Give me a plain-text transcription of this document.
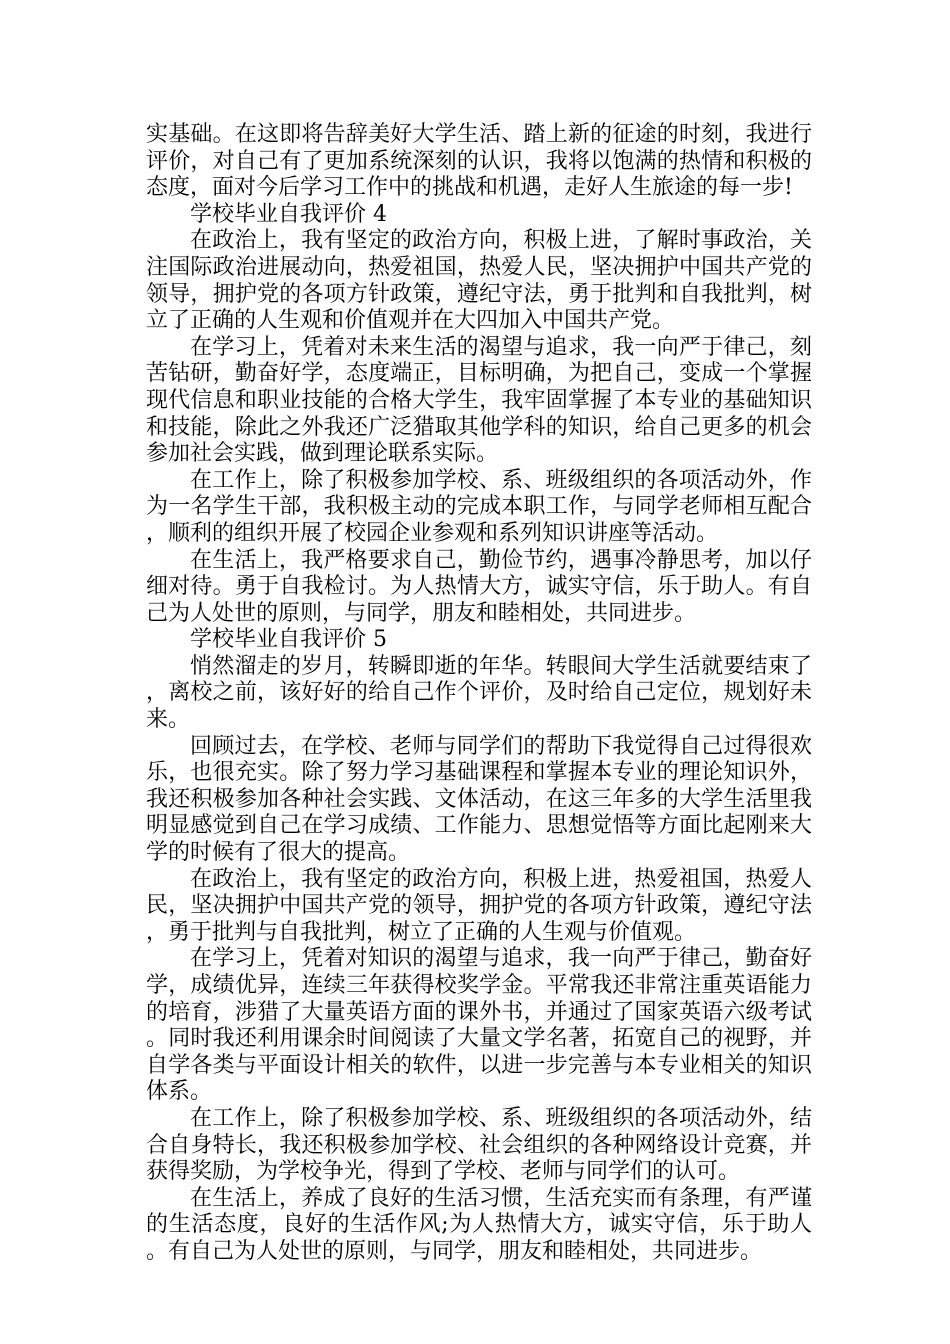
实基础。在这即将告辞美好大学生活、踏上新的征途的时刻，我进行评价，对自己有了更加系统深刻的认识，我将以饱满的热情和积极的态度，面对今后学习工作中的挑战和机遇，走好人生旅途的每一步!

学校毕业自我评价 4

在政治上，我有坚定的政治方向，积极上进，了解时事政治，关注国际政治进展动向，热爱祖国，热爱人民，坚决拥护中国共产党的领导，拥护党的各项方针政策，遵纪守法，勇于批判和自我批判，树立了正确的人生观和价值观并在大四加入中国共产党。

在学习上，凭着对未来生活的渴望与追求，我一向严于律己，刻苦钻研，勤奋好学，态度端正，目标明确，为把自己，变成一个掌握现代信息和职业技能的合格大学生，我牢固掌握了本专业的基础知识和技能，除此之外我还广泛猎取其他学科的知识，给自己更多的机会参加社会实践，做到理论联系实际。

在工作上，除了积极参加学校、系、班级组织的各项活动外，作为一名学生干部，我积极主动的完成本职工作，与同学老师相互配合，顺利的组织开展了校园企业参观和系列知识讲座等活动。

在生活上，我严格要求自己，勤俭节约，遇事冷静思考，加以仔细对待。勇于自我检讨。为人热情大方，诚实守信，乐于助人。有自己为人处世的原则，与同学，朋友和睦相处，共同进步。

学校毕业自我评价 5

悄然溜走的岁月，转瞬即逝的年华。转眼间大学生活就要结束了，离校之前，该好好的给自己作个评价，及时给自己定位，规划好未来。

回顾过去，在学校、老师与同学们的帮助下我觉得自己过得很欢乐，也很充实。除了努力学习基础课程和掌握本专业的理论知识外，我还积极参加各种社会实践、文体活动，在这三年多的大学生活里我明显感觉到自己在学习成绩、工作能力、思想觉悟等方面比起刚来大学的时候有了很大的提高。

在政治上，我有坚定的政治方向，积极上进，热爱祖国，热爱人民，坚决拥护中国共产党的领导，拥护党的各项方针政策，遵纪守法，勇于批判与自我批判，树立了正确的人生观与价值观。

在学习上，凭着对知识的渴望与追求，我一向严于律己，勤奋好学，成绩优异，连续三年获得校奖学金。平常我还非常注重英语能力的培育，涉猎了大量英语方面的课外书，并通过了国家英语六级考试。同时我还利用课余时间阅读了大量文学名著，拓宽自己的视野，并自学各类与平面设计相关的软件，以进一步完善与本专业相关的知识体系。

在工作上，除了积极参加学校、系、班级组织的各项活动外，结合自身特长，我还积极参加学校、社会组织的各种网络设计竞赛，并获得奖励，为学校争光，得到了学校、老师与同学们的认可。

在生活上，养成了良好的生活习惯，生活充实而有条理，有严谨的生活态度，良好的生活作风;为人热情大方，诚实守信，乐于助人。有自己为人处世的原则，与同学，朋友和睦相处，共同进步。
